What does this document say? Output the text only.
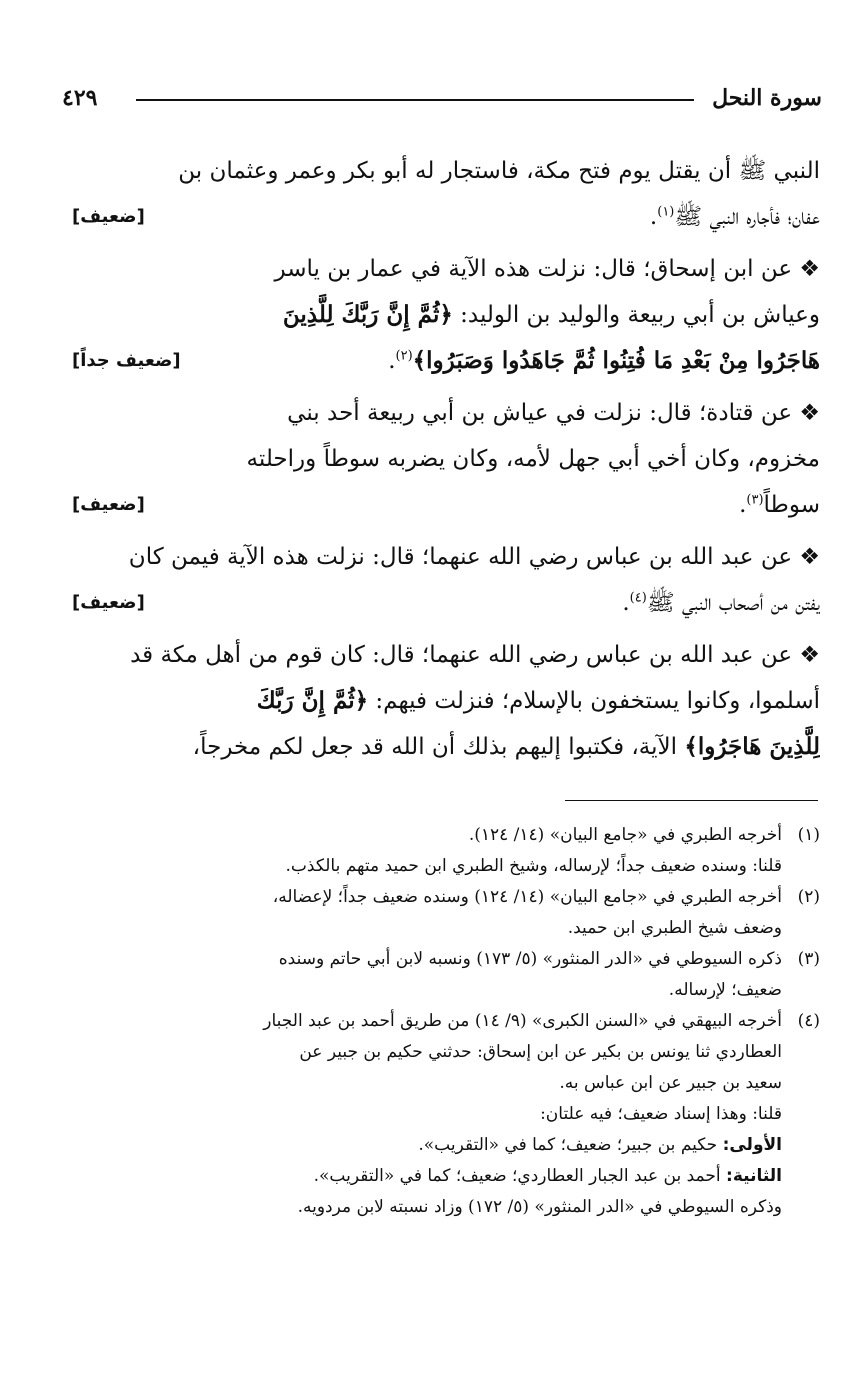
سورة النحل
٤٢٩
النبي ﷺ أن يقتل يوم فتح مكة، فاستجار له أبو بكر وعمر وعثمان بن
عفان؛ فأجاره النبي ﷺ$^{(١)}$.
[ضعيف]
❖ عن ابن إسحاق؛ قال: نزلت هذه الآية في عمار بن ياسر
وعياش بن أبي ربيعة والوليد بن الوليد: ﴿ثُمَّ إِنَّ رَبَّكَ لِلَّذِينَ
هَاجَرُوا مِنْ بَعْدِ مَا فُتِنُوا ثُمَّ جَاهَدُوا وَصَبَرُوا﴾$^{(٢)}$.
[ضعيف جداً]
❖ عن قتادة؛ قال: نزلت في عياش بن أبي ربيعة أحد بني
مخزوم، وكان أخي أبي جهل لأمه، وكان يضربه سوطاً وراحلته
سوطاً$^{(٣)}$.
[ضعيف]
❖ عن عبد الله بن عباس رضي الله عنهما؛ قال: نزلت هذه الآية فيمن كان
يفتن من أصحاب النبي ﷺ$^{(٤)}$.
[ضعيف]
❖ عن عبد الله بن عباس رضي الله عنهما؛ قال: كان قوم من أهل مكة قد
أسلموا، وكانوا يستخفون بالإسلام؛ فنزلت فيهم: ﴿ثُمَّ إِنَّ رَبَّكَ
لِلَّذِينَ هَاجَرُوا﴾ الآية، فكتبوا إليهم بذلك أن الله قد جعل لكم مخرجاً،
(١)
أخرجه الطبري في «جامع البيان» (١٤/ ١٢٤).
قلنا: وسنده ضعيف جداً؛ لإرساله، وشيخ الطبري ابن حميد متهم بالكذب.
(٢)
أخرجه الطبري في «جامع البيان» (١٤/ ١٢٤) وسنده ضعيف جداً؛ لإعضاله،
وضعف شيخ الطبري ابن حميد.
(٣)
ذكره السيوطي في «الدر المنثور» (٥/ ١٧٣) ونسبه لابن أبي حاتم وسنده
ضعيف؛ لإرساله.
(٤)
أخرجه البيهقي في «السنن الكبرى» (٩/ ١٤) من طريق أحمد بن عبد الجبار
العطاردي ثنا يونس بن بكير عن ابن إسحاق: حدثني حكيم بن جبير عن
سعيد بن جبير عن ابن عباس به.
قلنا: وهذا إسناد ضعيف؛ فيه علتان:
الأولى: حكيم بن جبير؛ ضعيف؛ كما في «التقريب».
الثانية: أحمد بن عبد الجبار العطاردي؛ ضعيف؛ كما في «التقريب».
وذكره السيوطي في «الدر المنثور» (٥/ ١٧٢) وزاد نسبته لابن مردويه.
